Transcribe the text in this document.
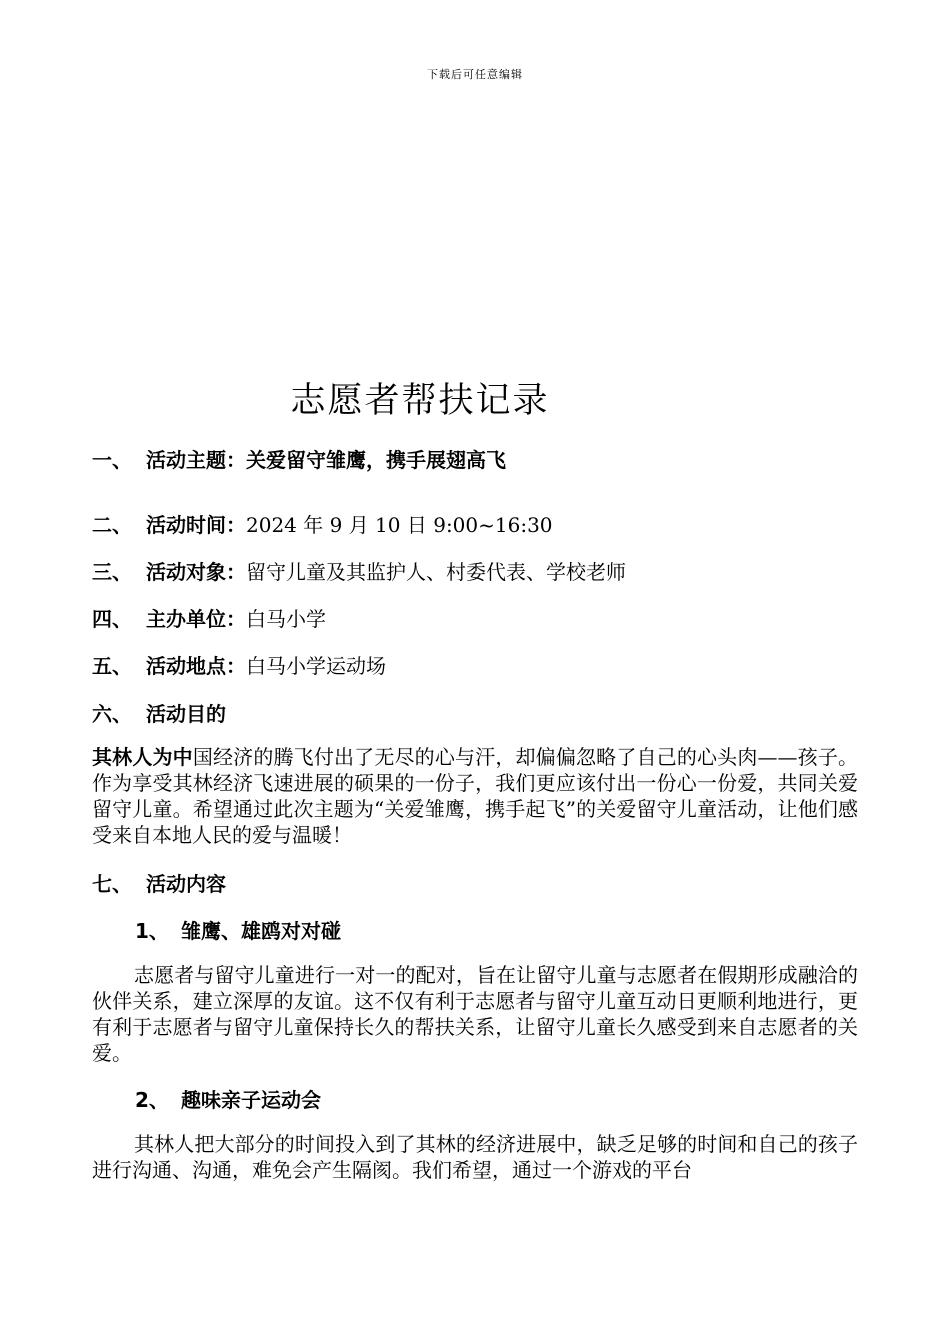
下载后可任意编辑
志愿者帮扶记录
一、 活动主题：关爱留守雏鹰，携手展翅高飞
二、 活动时间：2024 年 9 月 10 日 9:00~16:30
三、 活动对象：留守儿童及其监护人、村委代表、学校老师
四、 主办单位：白马小学
五、 活动地点：白马小学运动场
六、 活动目的
其林人为中国经济的腾飞付出了无尽的心与汗，却偏偏忽略了自己的心头肉——孩子。作为享受其林经济飞速进展的硕果的一份子，我们更应该付出一份心一份爱，共同关爱留守儿童。希望通过此次主题为“关爱雏鹰，携手起飞”的关爱留守儿童活动，让他们感受来自本地人民的爱与温暖！
七、 活动内容
1、 雏鹰、雄鸥对对碰
志愿者与留守儿童进行一对一的配对，旨在让留守儿童与志愿者在假期形成融洽的伙伴关系，建立深厚的友谊。这不仅有利于志愿者与留守儿童互动日更顺利地进行，更有利于志愿者与留守儿童保持长久的帮扶关系，让留守儿童长久感受到来自志愿者的关爱。
2、 趣味亲子运动会
其林人把大部分的时间投入到了其林的经济进展中，缺乏足够的时间和自己的孩子进行沟通、沟通，难免会产生隔阂。我们希望，通过一个游戏的平台
